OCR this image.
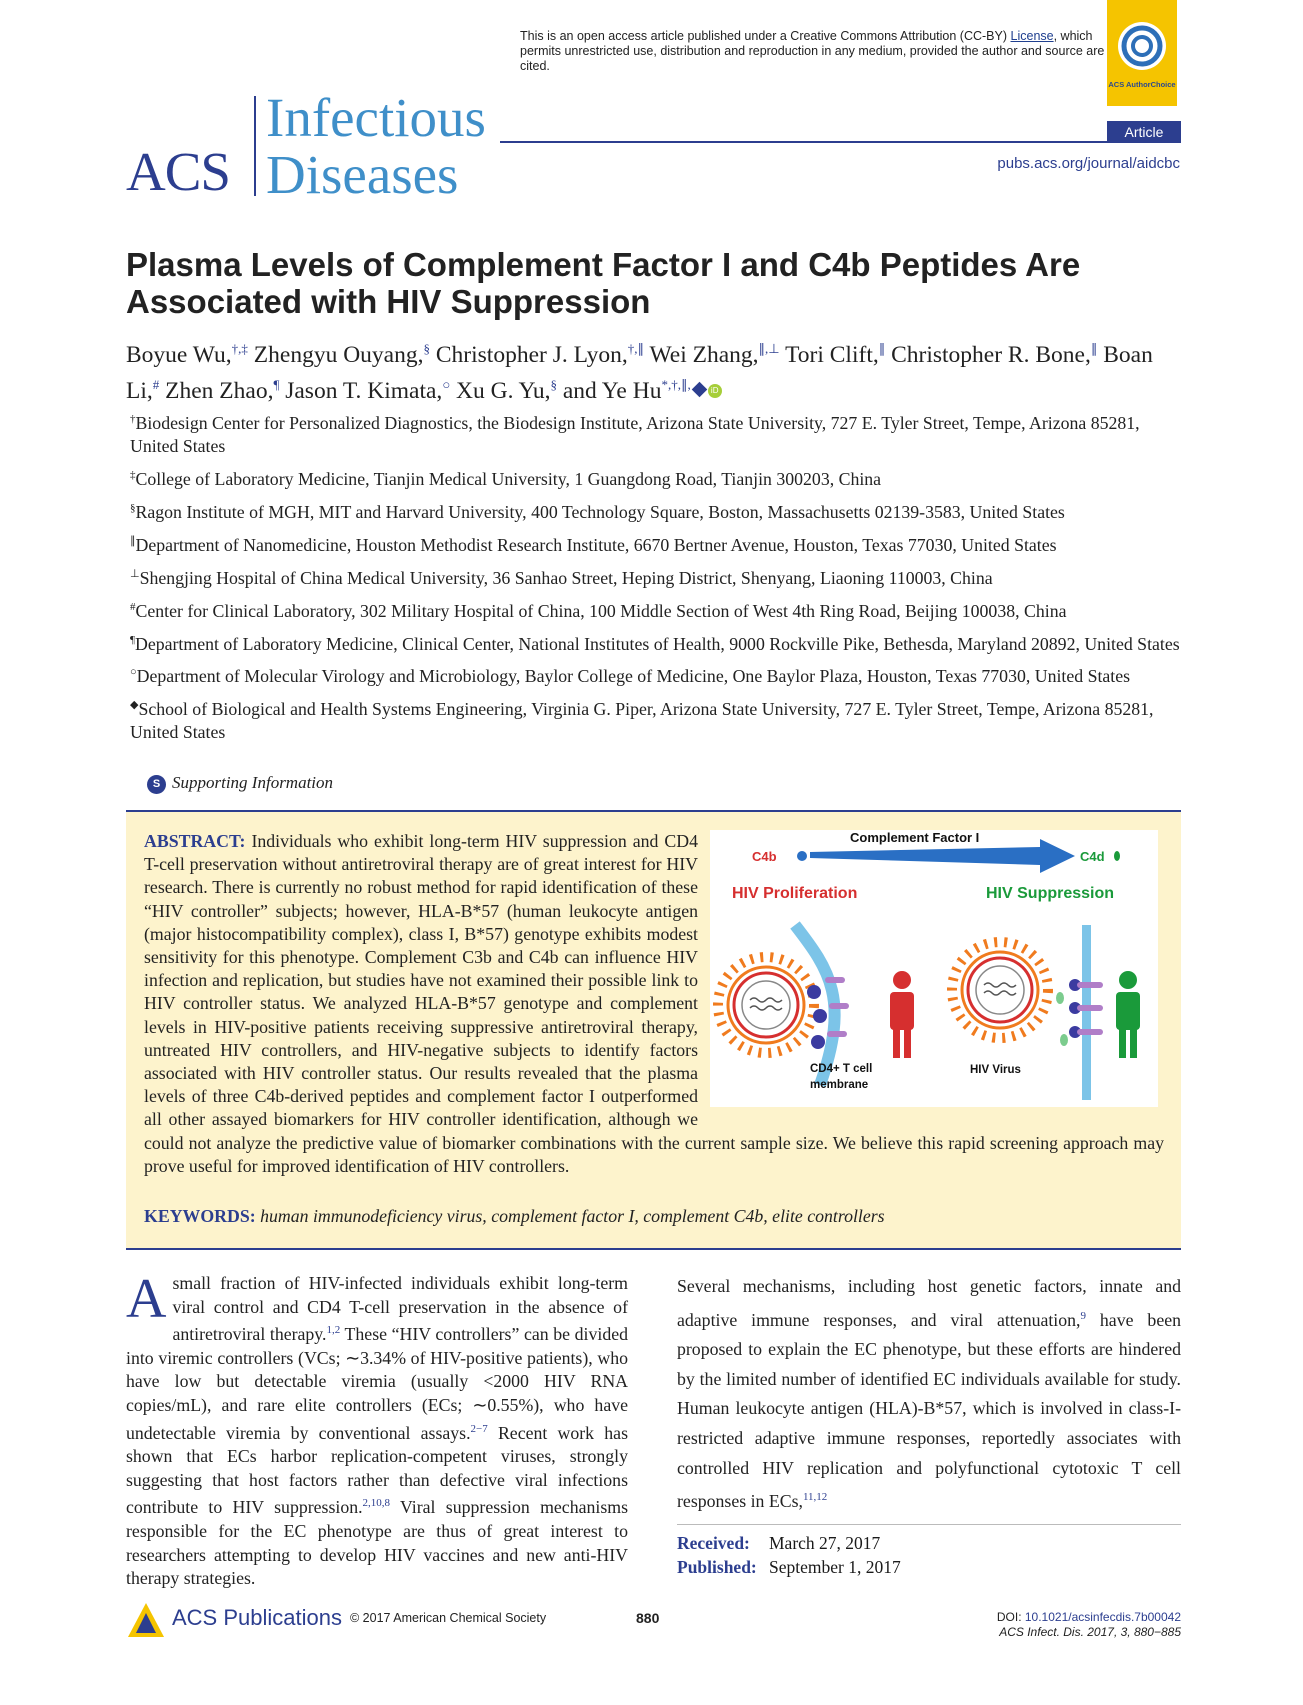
This is an open access article published under a Creative Commons Attribution (CC-BY) License, which permits unrestricted use, distribution and reproduction in any medium, provided the author and source are cited.
ACS AuthorChoice
ACS
Infectious
Diseases
Article
pubs.acs.org/journal/aidcbc
Plasma Levels of Complement Factor I and C4b Peptides Are Associated with HIV Suppression
Boyue Wu,†,‡ Zhengyu Ouyang,§ Christopher J. Lyon,†,∥ Wei Zhang,∥,⊥ Tori Clift,∥ Christopher R. Bone,∥ Boan Li,# Zhen Zhao,¶ Jason T. Kimata,○ Xu G. Yu,§ and Ye Hu*,†,∥,	iD
†Biodesign Center for Personalized Diagnostics, the Biodesign Institute, Arizona State University, 727 E. Tyler Street, Tempe, Arizona 85281, United States
‡College of Laboratory Medicine, Tianjin Medical University, 1 Guangdong Road, Tianjin 300203, China
§Ragon Institute of MGH, MIT and Harvard University, 400 Technology Square, Boston, Massachusetts 02139-3583, United States
∥Department of Nanomedicine, Houston Methodist Research Institute, 6670 Bertner Avenue, Houston, Texas 77030, United States
⊥Shengjing Hospital of China Medical University, 36 Sanhao Street, Heping District, Shenyang, Liaoning 110003, China
#Center for Clinical Laboratory, 302 Military Hospital of China, 100 Middle Section of West 4th Ring Road, Beijing 100038, China
¶Department of Laboratory Medicine, Clinical Center, National Institutes of Health, 9000 Rockville Pike, Bethesda, Maryland 20892, United States
○Department of Molecular Virology and Microbiology, Baylor College of Medicine, One Baylor Plaza, Houston, Texas 77030, United States
◆School of Biological and Health Systems Engineering, Virginia G. Piper, Arizona State University, 727 E. Tyler Street, Tempe, Arizona 85281, United States
S Supporting Information
ABSTRACT: Individuals who exhibit long-term HIV suppression and CD4 T-cell preservation without antiretroviral therapy are of great interest for HIV research. There is currently no robust method for rapid identification of these “HIV controller” subjects; however, HLA-B*57 (human leukocyte antigen (major histocompatibility complex), class I, B*57) genotype exhibits modest sensitivity for this phenotype. Complement C3b and C4b can influence HIV infection and replication, but studies have not examined their possible link to HIV controller status. We analyzed HLA-B*57 genotype and complement levels in HIV-positive patients receiving suppressive antiretroviral therapy, untreated HIV controllers, and HIV-negative subjects to identify factors associated with HIV controller status. Our results revealed that the plasma levels of three C4b-derived peptides and complement factor I outperformed all other assayed biomarkers for HIV controller identification, although we could not analyze the predictive value of biomarker combinations with the current sample size. We believe this rapid screening approach may prove useful for improved identification of HIV controllers.
Complement Factor I
C4b	C4d
HIV Proliferation	HIV Suppression
CD4+ T cell
membrane
HIV Virus
KEYWORDS: human immunodeficiency virus, complement factor I, complement C4b, elite controllers
A small fraction of HIV-infected individuals exhibit long-term viral control and CD4 T-cell preservation in the absence of antiretroviral therapy.$^{1,2}$ These “HIV controllers” can be divided into viremic controllers (VCs; ∼3.34% of HIV-positive patients), who have low but detectable viremia (usually <2000 HIV RNA copies/mL), and rare elite controllers (ECs; ∼0.55%), who have undetectable viremia by conventional assays.$^{2-7}$ Recent work has shown that ECs harbor replication-competent viruses, strongly suggesting that host factors rather than defective viral infections contribute to HIV suppression.$^{2,10,8}$ Viral suppression mechanisms responsible for the EC phenotype are thus of great interest to researchers attempting to develop HIV vaccines and new anti-HIV therapy strategies.
Several mechanisms, including host genetic factors, innate and adaptive immune responses, and viral attenuation,$^9$ have been proposed to explain the EC phenotype, but these efforts are hindered by the limited number of identified EC individuals available for study. Human leukocyte antigen (HLA)-B*57, which is involved in class-I-restricted adaptive immune responses, reportedly associates with controlled HIV replication and polyfunctional cytotoxic T cell responses in ECs,$^{11,12}$
Received: March 27, 2017
Published: September 1, 2017
ACS Publications © 2017 American Chemical Society	880	DOI: 10.1021/acsinfecdis.7b00042
ACS Infect. Dis. 2017, 3, 880−885
